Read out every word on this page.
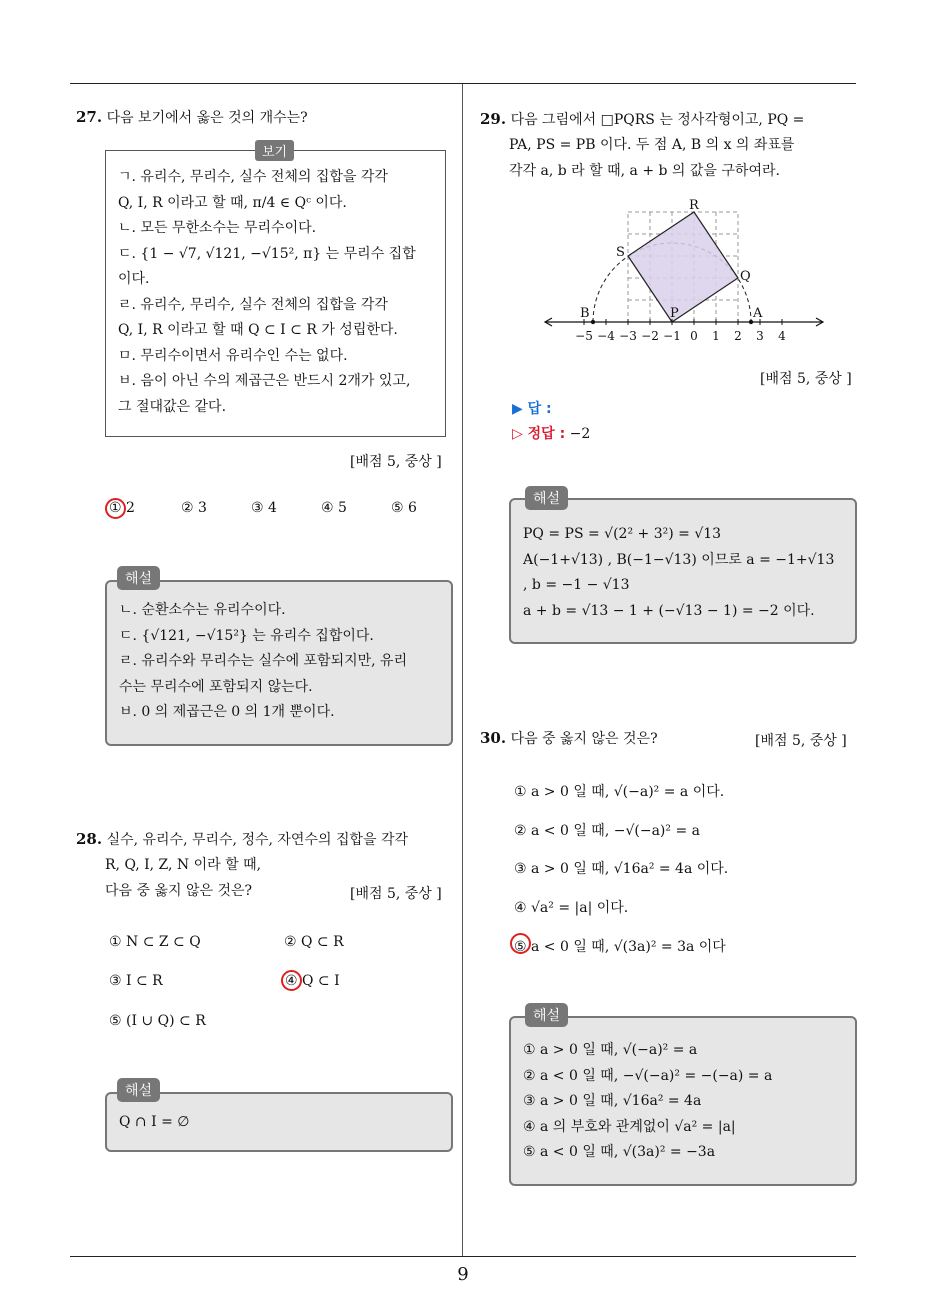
27. 다음 보기에서 옳은 것의 개수는?
ㄱ. 유리수, 무리수, 실수 전체의 집합을 각각
Q, I, R 이라고 할 때, π/4 ∈ Qᶜ 이다.
ㄴ. 모든 무한소수는 무리수이다.
ㄷ. {1 − √7, √121, −√15², π} 는 무리수 집합
이다.
ㄹ. 유리수, 무리수, 실수 전체의 집합을 각각
Q, I, R 이라고 할 때 Q ⊂ I ⊂ R 가 성립한다.
ㅁ. 무리수이면서 유리수인 수는 없다.
ㅂ. 음이 아닌 수의 제곱근은 반드시 2개가 있고,
그 절대값은 같다.
보기
[배점 5, 중상 ]
① 2	② 3	③ 4	④ 5	⑤ 6
ㄴ. 순환소수는 유리수이다.
ㄷ. {√121, −√15²} 는 유리수 집합이다.
ㄹ. 유리수와 무리수는 실수에 포함되지만, 유리
수는 무리수에 포함되지 않는다.
ㅂ. 0 의 제곱근은 0 의 1개 뿐이다.
해설
28. 실수, 유리수, 무리수, 정수, 자연수의 집합을 각각
R, Q, I, Z, N 이라 할 때,
다음 중 옳지 않은 것은?	[배점 5, 중상 ]
① N ⊂ Z ⊂ Q	② Q ⊂ R
③ I ⊂ R	④ Q ⊂ I
⑤ (I ∪ Q) ⊂ R
Q ∩ I = ∅
해설
29. 다음 그림에서 □PQRS 는 정사각형이고, PQ =
PA, PS = PB 이다. 두 점 A, B 의 x 의 좌표를
각각 a, b 라 할 때, a + b 의 값을 구하여라.
R
S
Q
B	P	A
−5 −4 −3 −2 −1 0 1 2 3 4
[배점 5, 중상 ]
▶ 답 :
▷ 정답 : −2
PQ = PS = √(2² + 3²) = √13
A(−1+√13) , B(−1−√13) 이므로 a = −1+√13
, b = −1 − √13
a + b = √13 − 1 + (−√13 − 1) = −2 이다.
해설
30. 다음 중 옳지 않은 것은?	[배점 5, 중상 ]
① a > 0 일 때, √(−a)² = a 이다.
② a < 0 일 때, −√(−a)² = a
③ a > 0 일 때, √16a² = 4a 이다.
④ √a² = |a| 이다.
⑤ a < 0 일 때, √(3a)² = 3a 이다
① a > 0 일 때, √(−a)² = a
② a < 0 일 때, −√(−a)² = −(−a) = a
③ a > 0 일 때, √16a² = 4a
④ a 의 부호와 관계없이 √a² = |a|
⑤ a < 0 일 때, √(3a)² = −3a
해설
9
